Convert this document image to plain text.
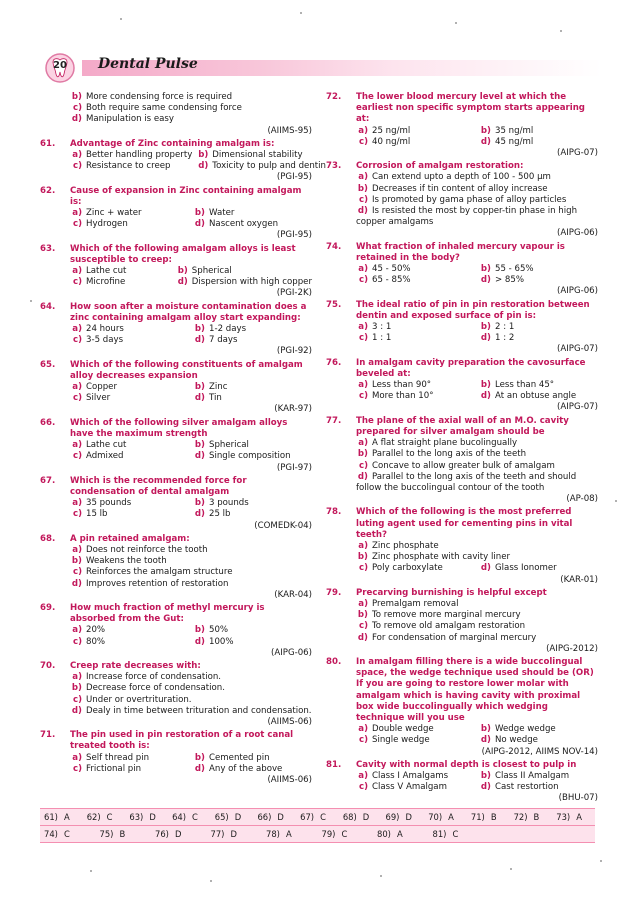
20	Dental Pulse
b) More condensing force is required
c) Both require same condensing force
d) Manipulation is easy
(AIIMS-95)
61. Advantage of Zinc containing amalgam is:
a) Better handling property b) Dimensional stability
c) Resistance to creep	d) Toxicity to pulp and dentin
(PGI-95)
62. Cause of expansion in Zinc containing amalgam is:
a) Zinc + water	b) Water
c) Hydrogen	d) Nascent oxygen
(PGI-95)
63. Which of the following amalgam alloys is least susceptible to creep:
a) Lathe cut	b) Spherical
c) Microfine	d) Dispersion with high copper
(PGI-2K)
64. How soon after a moisture contamination does a zinc containing amalgam alloy start expanding:
a) 24 hours	b) 1-2 days
c) 3-5 days	d) 7 days
(PGI-92)
65. Which of the following constituents of amalgam alloy decreases expansion
a) Copper	b) Zinc
c) Silver	d) Tin
(KAR-97)
66. Which of the following silver amalgam alloys have the maximum strength
a) Lathe cut	b) Spherical
c) Admixed	d) Single composition
(PGI-97)
67. Which is the recommended force for condensation of dental amalgam
a) 35 pounds	b) 3 pounds
c) 15 lb	d) 25 lb
(COMEDK-04)
68. A pin retained amalgam:
a) Does not reinforce the tooth
b) Weakens the tooth
c) Reinforces the amalgam structure
d) Improves retention of restoration
(KAR-04)
69. How much fraction of methyl mercury is absorbed from the Gut:
a) 20%	b) 50%
c) 80%	d) 100%
(AIPG-06)
70. Creep rate decreases with:
a) Increase force of condensation.
b) Decrease force of condensation.
c) Under or overtrituration.
d) Dealy in time between trituration and condensation.
(AIIMS-06)
71. The pin used in pin restoration of a root canal treated tooth is:
a) Self thread pin	b) Cemented pin
c) Frictional pin	d) Any of the above
(AIIMS-06)
72. The lower blood mercury level at which the earliest non specific symptom starts appearing at:
a) 25 ng/ml	b) 35 ng/ml
c) 40 ng/ml	d) 45 ng/ml
(AIPG-07)
73. Corrosion of amalgam restoration:
a) Can extend upto a depth of 100 - 500 µm
b) Decreases if tin content of alloy increase
c) Is promoted by gama phase of alloy particles
d) Is resisted the most by copper-tin phase in high copper amalgams
(AIPG-06)
74. What fraction of inhaled mercury vapour is retained in the body?
a) 45 - 50%	b) 55 - 65%
c) 65 - 85%	d) > 85%
(AIPG-06)
75. The ideal ratio of pin in pin restoration between dentin and exposed surface of pin is:
a) 3 : 1	b) 2 : 1
c) 1 : 1	d) 1 : 2
(AIPG-07)
76. In amalgam cavity preparation the cavosurface beveled at:
a) Less than 90°	b) Less than 45°
c) More than 10°	d) At an obtuse angle
(AIPG-07)
77. The plane of the axial wall of an M.O. cavity prepared for silver amalgam should be
a) A flat straight plane bucolingually
b) Parallel to the long axis of the teeth
c) Concave to allow greater bulk of amalgam
d) Parallel to the long axis of the teeth and should follow the buccolingual contour of the tooth
(AP-08)
78. Which of the following is the most preferred luting agent used for cementing pins in vital teeth?
a) Zinc phosphate
b) Zinc phosphate with cavity liner
c) Poly carboxylate	d) Glass Ionomer
(KAR-01)
79. Precarving burnishing is helpful except
a) Premalgam removal
b) To remove more marginal mercury
c) To remove old amalgam restoration
d) For condensation of marginal mercury
(AIPG-2012)
80. In amalgam filling there is a wide buccolingual space, the wedge technique used should be (OR) If you are going to restore lower molar with amalgam which is having cavity with proximal box wide buccolingually which wedging technique will you use
a) Double wedge	b) Wedge wedge
c) Single wedge	d) No wedge
(AIPG-2012, AIIMS NOV-14)
81. Cavity with normal depth is closest to pulp in
a) Class I Amalgams	b) Class II Amalgam
c) Class V Amalgam	d) Cast restortion
(BHU-07)
61) A	62) C	63) D	64) C	65) D	66) D	67) C	68) D	69) D	70) A	71) B	72) B	73) A
74) C	75) B	76) D	77) D	78) A	79) C	80) A	81) C
